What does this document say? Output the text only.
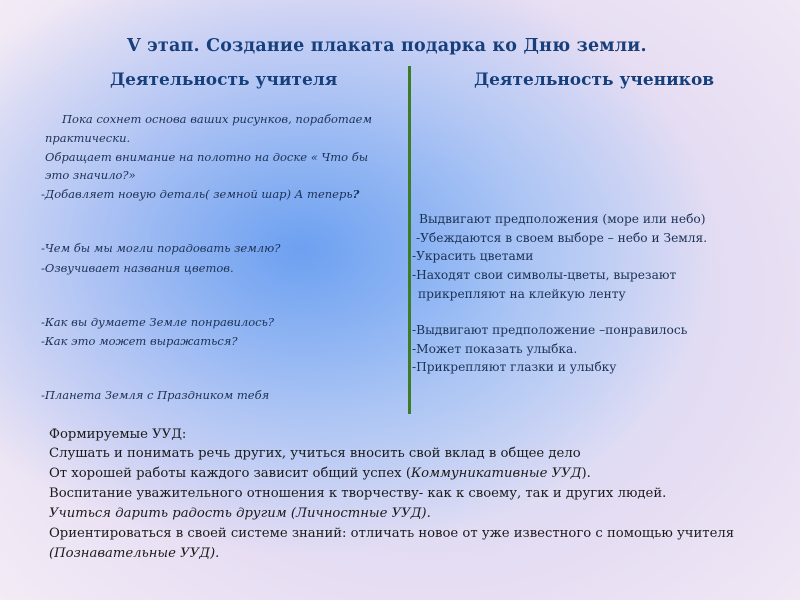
V этап. Создание плаката подарка ко Дню земли.
Деятельность учителя	Деятельность учеников
Пока сохнет основа ваших рисунков, поработаем
практически.
Обращает внимание на полотно на доске « Что бы
это значило?»
-Добавляет новую деталь( земной шар) А теперь?
-Чем бы мы могли порадовать землю?
-Озвучивает названия цветов.
-Как вы думаете Земле понравилось?
-Как это может выражаться?
-Планета Земля с Праздником тебя
Выдвигают предположения (море или небо)
-Убеждаются в своем выборе – небо и Земля.
-Украсить цветами
-Находят свои символы-цветы, вырезают
прикрепляют на клейкую ленту
-Выдвигают предположение –понравилось
-Может показать улыбка.
-Прикрепляют глазки и улыбку
Формируемые УУД:
Слушать и понимать речь других, учиться вносить свой вклад в общее дело
От хорошей работы каждого зависит общий успех (Коммуникативные УУД).
Воспитание уважительного отношения к творчеству- как к своему, так и других людей.
Учиться дарить радость другим (Личностные УУД).
Ориентироваться в своей системе знаний: отличать новое от уже известного с помощью учителя
(Познавательные УУД).
